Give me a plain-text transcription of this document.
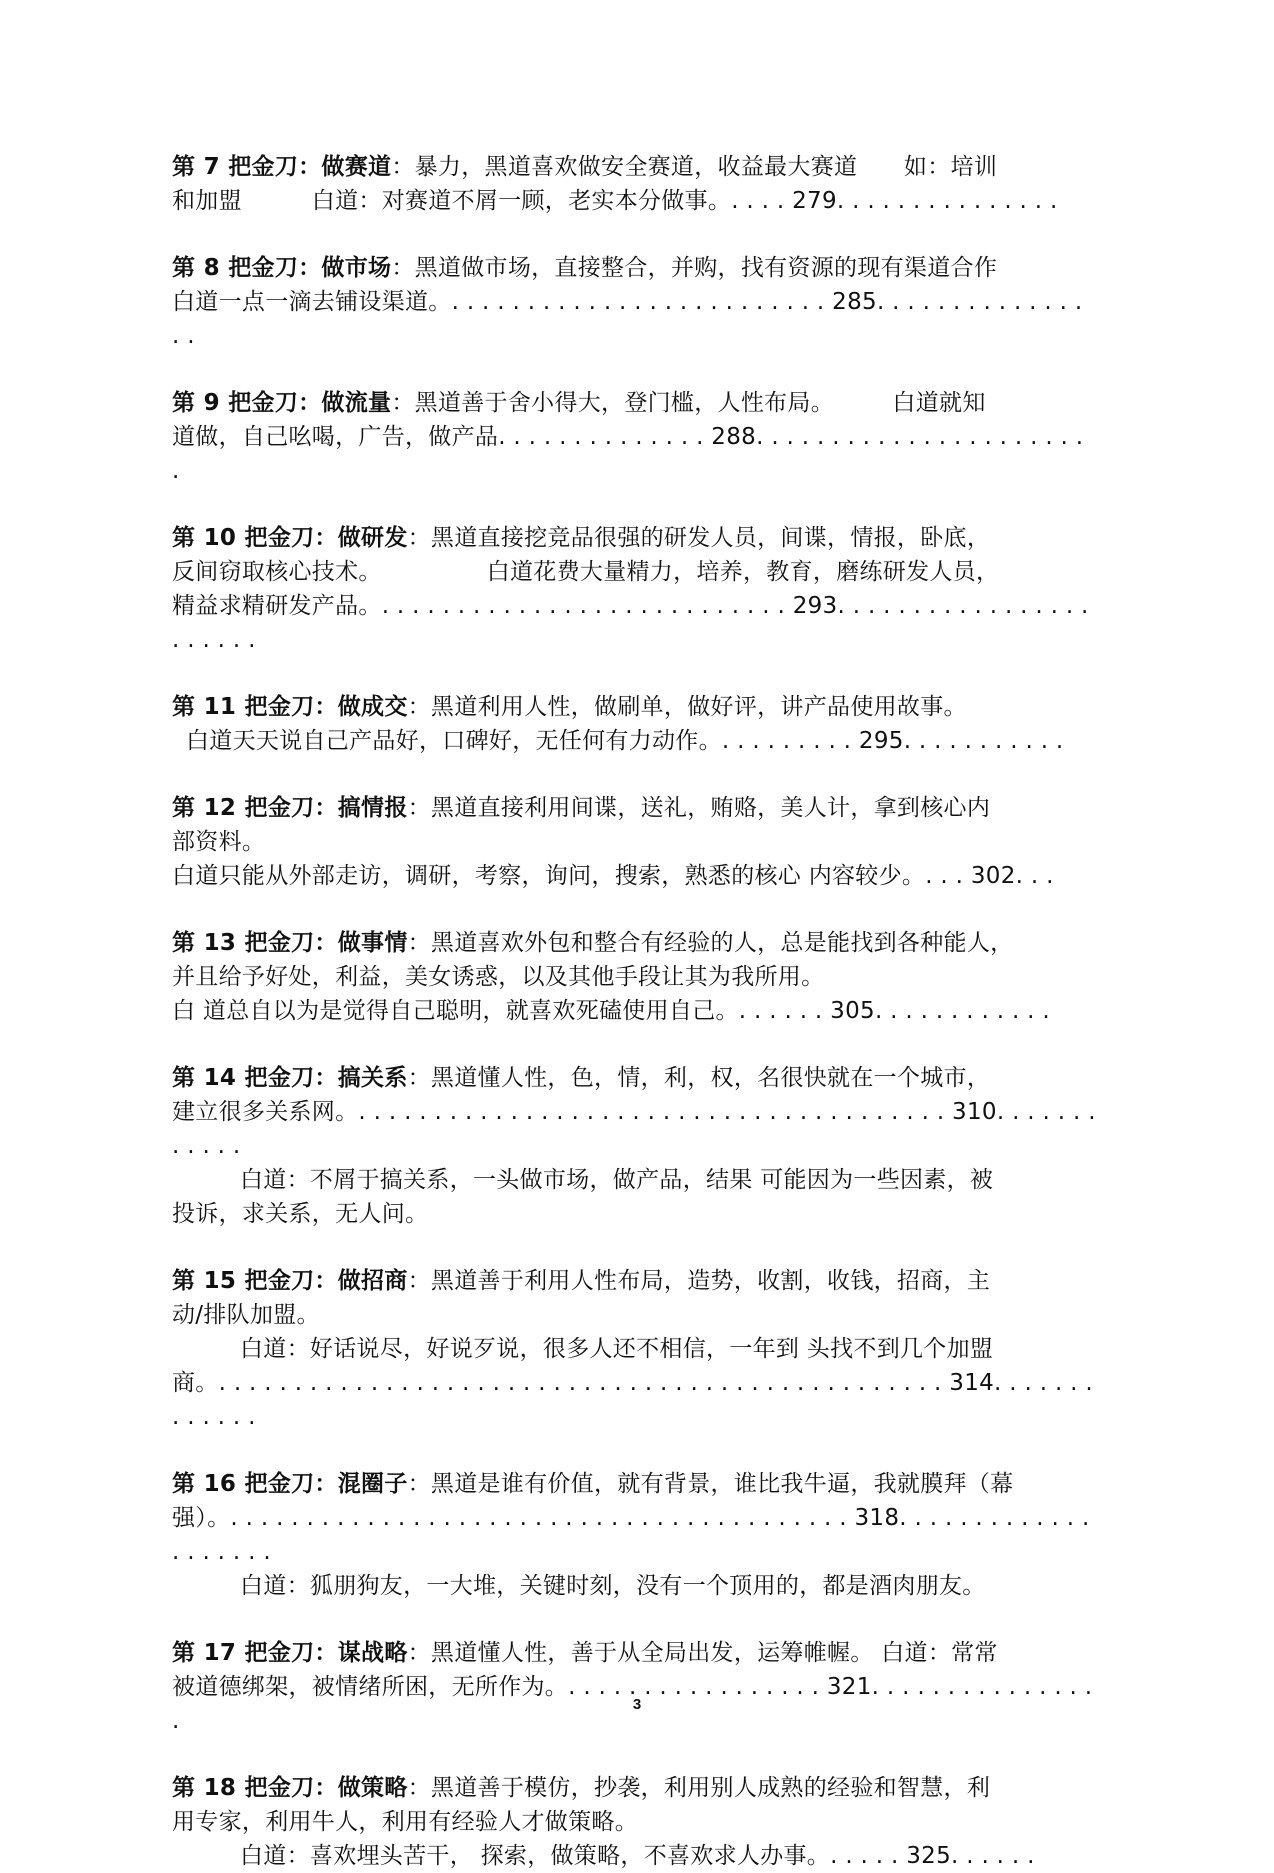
第 7 把金刀：做赛道：暴力，黑道喜欢做安全赛道，收益最大赛道　　如：培训
和加盟　　　白道：对赛道不屑一顾，老实本分做事。. . . . 279. . . . . . . . . . . . . . .

第 8 把金刀：做市场：黑道做市场，直接整合，并购，找有资源的现有渠道合作
白道一点一滴去铺设渠道。. . . . . . . . . . . . . . . . . . . . . . . . . 285. . . . . . . . . . . . . . . .

第 9 把金刀：做流量：黑道善于舍小得大，登门槛，人性布局。　　　白道就知
道做，自己吆喝，广告，做产品. . . . . . . . . . . . . . 288. . . . . . . . . . . . . . . . . . . . . . .

第 10 把金刀：做研发：黑道直接挖竞品很强的研发人员，间谍，情报，卧底，
反间窃取核心技术。　　　　　白道花费大量精力，培养，教育，磨练研发人员，
精益求精研发产品。. . . . . . . . . . . . . . . . . . . . . . . . . . . 293. . . . . . . . . . . . . . . . . . . . . . .

第 11 把金刀：做成交：黑道利用人性，做刷单，做好评，讲产品使用故事。
白道天天说自己产品好，口碑好，无任何有力动作。. . . . . . . . . 295. . . . . . . . . . .

第 12 把金刀：搞情报：黑道直接利用间谍，送礼，贿赂，美人计，拿到核心内
部资料。
白道只能从外部走访，调研，考察，询问，搜索，熟悉的核心 内容较少。. . . 302. . .

第 13 把金刀：做事情：黑道喜欢外包和整合有经验的人，总是能找到各种能人，
并且给予好处，利益，美女诱惑，以及其他手段让其为我所用。
白 道总自以为是觉得自己聪明，就喜欢死磕使用自己。. . . . . . 305. . . . . . . . . . . .

第 14 把金刀：搞关系：黑道懂人性，色，情，利，权，名很快就在一个城市，
建立很多关系网。. . . . . . . . . . . . . . . . . . . . . . . . . . . . . . . . . . . . . . . 310. . . . . . . . . . . .
白道：不屑于搞关系，一头做市场，做产品，结果 可能因为一些因素，被
投诉，求关系，无人问。

第 15 把金刀：做招商：黑道善于利用人性布局，造势，收割，收钱，招商，主
动/排队加盟。
白道：好话说尽，好说歹说，很多人还不相信，一年到 头找不到几个加盟
商。. . . . . . . . . . . . . . . . . . . . . . . . . . . . . . . . . . . . . . . . . . . . . . . . 314. . . . . . . . . . . . .

第 16 把金刀：混圈子：黑道是谁有价值，就有背景，谁比我牛逼，我就膜拜（幕
强）。. . . . . . . . . . . . . . . . . . . . . . . . . . . . . . . . . . . . . . . . . 318. . . . . . . . . . . . . . . . . . . .
白道：狐朋狗友，一大堆，关键时刻，没有一个顶用的，都是酒肉朋友。

第 17 把金刀：谋战略：黑道懂人性，善于从全局出发，运筹帷幄。 白道：常常
被道德绑架，被情绪所困，无所作为。. . . . . . . . . . . . . . . . . 321. . . . . . . . . . . . . . . .

第 18 把金刀：做策略：黑道善于模仿，抄袭，利用别人成熟的经验和智慧，利
用专家，利用牛人，利用有经验人才做策略。
白道：喜欢埋头苦干， 探索，做策略，不喜欢求人办事。. . . . . 325. . . . . .

3
